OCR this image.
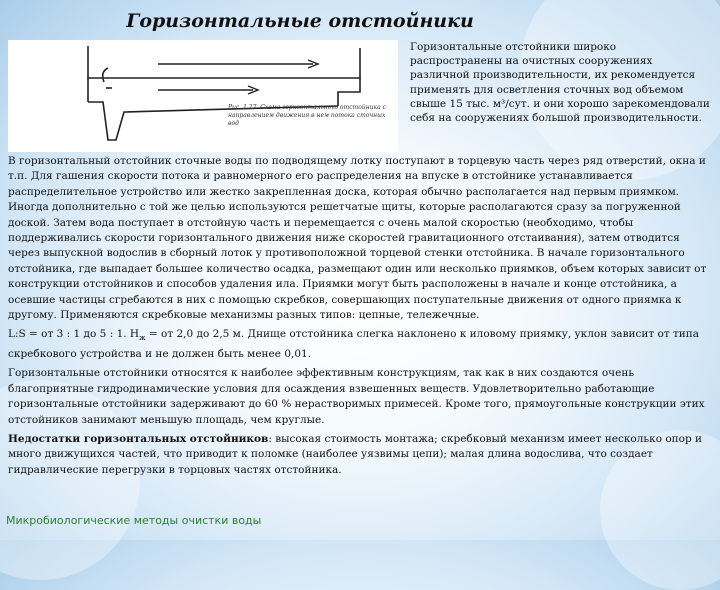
Горизонтальные отстойники
Рис. 1.27. Схема горизонтального отстойника с направлением движения в нем потока сточных вод
Горизонтальные отстойники широко распространены на очистных сооружениях различной производительности, их рекомендуется применять для осветления сточных вод объемом свыше 15 тыс. м³/сут. и они хорошо зарекомендовали себя на сооружениях большой производительности.

В горизонтальный отстойник сточные воды по подводящему лотку поступают в торцевую часть через ряд отверстий, окна и т.п. Для гашения скорости потока и равномерного его распределения на впуске в отстойнике устанавливается распределительное устройство или жестко закрепленная доска, которая обычно располагается над первым приямком. Иногда дополнительно с той же целью используются решетчатые щиты, которые располагаются сразу за погруженной доской. Затем вода поступает в отстойную часть и перемещается с очень малой скоростью (необходимо, чтобы поддерживались скорости горизонтального движения ниже скоростей гравитационного отстаивания), затем отводится через выпускной водослив в сборный лоток у противоположной торцевой стенки отстойника. В начале горизонтального отстойника, где выпадает большее количество осадка, размещают один или несколько приямков, объем которых зависит от конструкции отстойников и способов удаления ила. Приямки могут быть расположены в начале и конце отстойника, а осевшие частицы сгребаются в них с помощью скребков, совершающих поступательные движения от одного приямка к другому. Применяются скребковые механизмы разных типов: цепные, тележечные.

L:S = от 3 : 1 до 5 : 1. $H_ж$ = от 2,0 до 2,5 м. Днище отстойника слегка наклонено к иловому приямку, уклон зависит от типа скребкового устройства и не должен быть менее 0,01.

Горизонтальные отстойники относятся к наиболее эффективным конструкциям, так как в них создаются очень благоприятные гидродинамические условия для осаждения взвешенных веществ. Удовлетворительно работающие горизонтальные отстойники задерживают до 60 % нерастворимых примесей. Кроме того, прямоугольные конструкции этих отстойников занимают меньшую площадь, чем круглые.

Недостатки горизонтальных отстойников: высокая стоимость монтажа; скребковый механизм имеет несколько опор и много движущихся частей, что приводит к поломке (наиболее уязвимы цепи); малая длина водослива, что создает гидравлические перегрузки в торцовых частях отстойника.

Микробиологические методы очистки воды
